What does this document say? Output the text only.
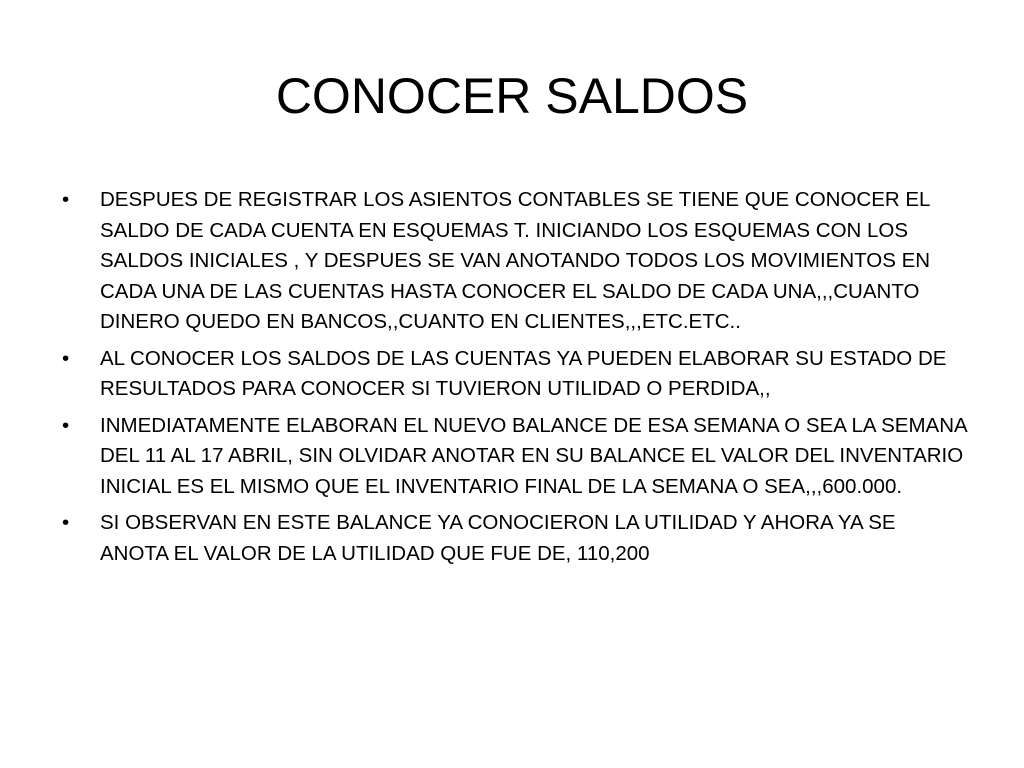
CONOCER SALDOS
•	DESPUES DE REGISTRAR LOS ASIENTOS CONTABLES SE TIENE QUE CONOCER EL SALDO DE CADA CUENTA EN ESQUEMAS T. INICIANDO LOS ESQUEMAS CON LOS SALDOS INICIALES , Y DESPUES SE VAN ANOTANDO TODOS LOS MOVIMIENTOS EN CADA UNA DE LAS CUENTAS HASTA CONOCER EL SALDO DE CADA UNA,,,CUANTO DINERO QUEDO EN BANCOS,,CUANTO EN CLIENTES,,,ETC.ETC..
•	AL CONOCER LOS SALDOS DE LAS CUENTAS YA PUEDEN ELABORAR SU ESTADO DE RESULTADOS PARA CONOCER SI TUVIERON UTILIDAD O PERDIDA,,
•	INMEDIATAMENTE ELABORAN EL NUEVO BALANCE DE ESA SEMANA O SEA LA SEMANA DEL 11 AL 17 ABRIL, SIN OLVIDAR ANOTAR EN SU BALANCE EL VALOR DEL INVENTARIO INICIAL ES EL MISMO QUE EL INVENTARIO FINAL DE LA SEMANA O SEA,,,600.000.
•	SI OBSERVAN EN ESTE BALANCE YA CONOCIERON LA UTILIDAD Y AHORA YA SE ANOTA EL VALOR DE LA UTILIDAD QUE FUE DE, 110,200
